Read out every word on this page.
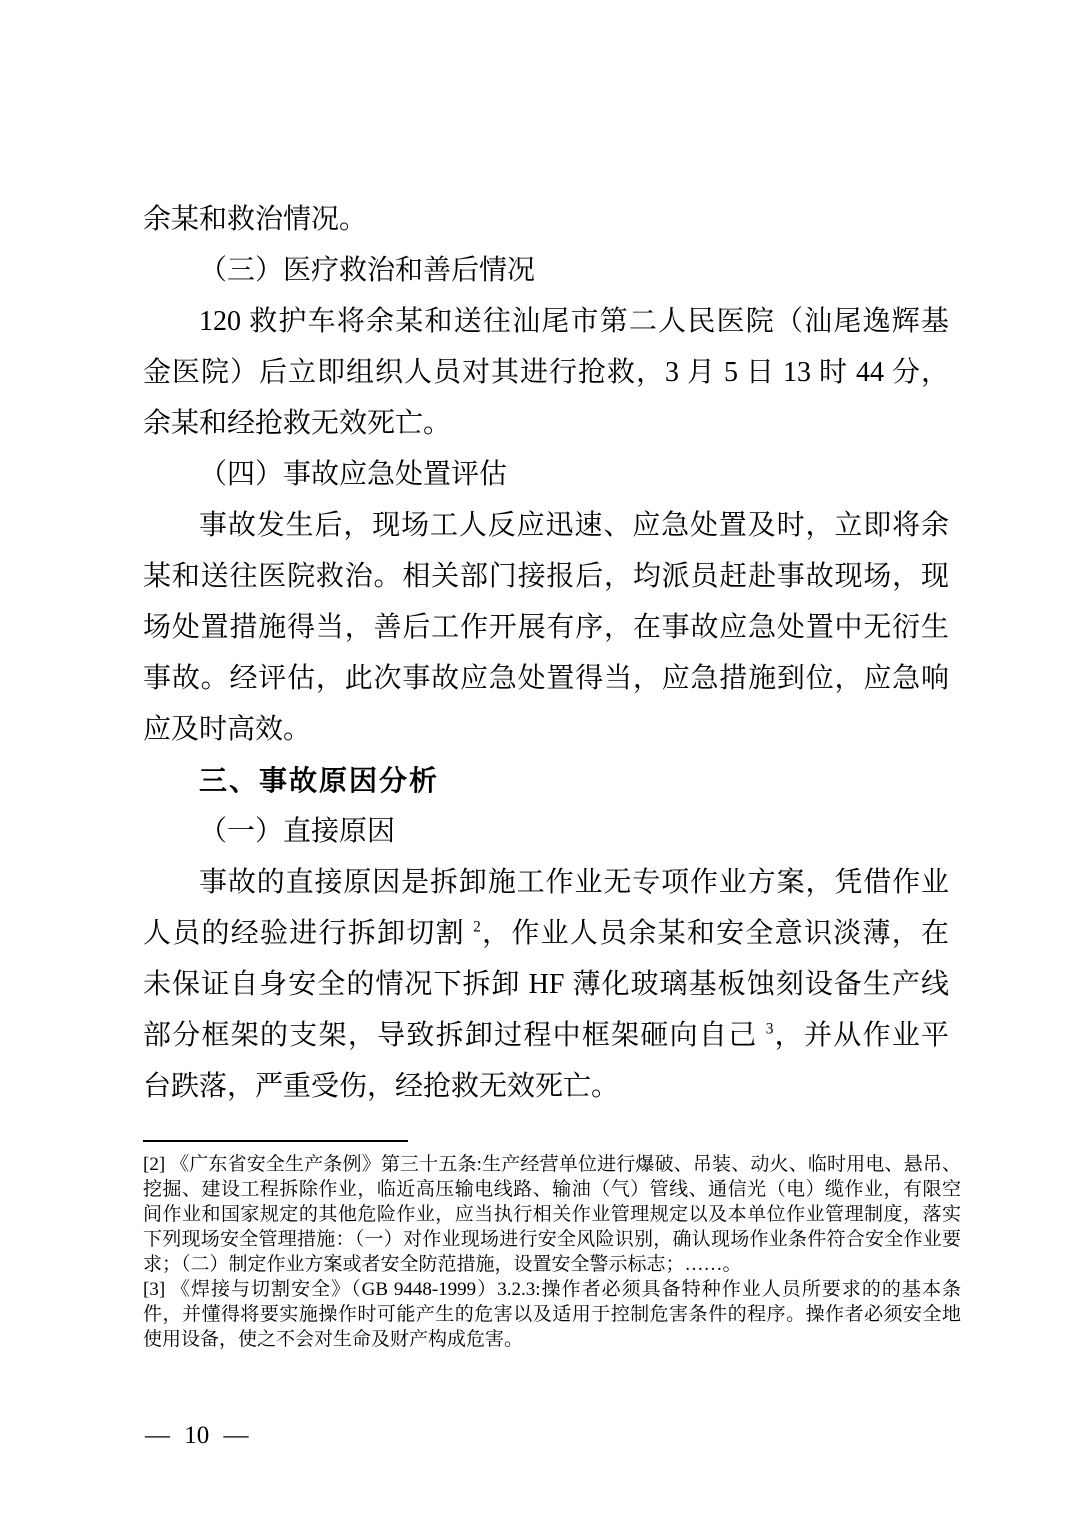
余某和救治情况。
（三）医疗救治和善后情况
120 救护车将余某和送往汕尾市第二人民医院（汕尾逸辉基
金医院）后立即组织人员对其进行抢救，3 月 5 日 13 时 44 分，
余某和经抢救无效死亡。
（四）事故应急处置评估
事故发生后，现场工人反应迅速、应急处置及时，立即将余
某和送往医院救治。相关部门接报后，均派员赶赴事故现场，现
场处置措施得当，善后工作开展有序，在事故应急处置中无衍生
事故。经评估，此次事故应急处置得当，应急措施到位，应急响
应及时高效。
三、事故原因分析
（一）直接原因
事故的直接原因是拆卸施工作业无专项作业方案，凭借作业
人员的经验进行拆卸切割 $^2$，作业人员余某和安全意识淡薄，在
未保证自身安全的情况下拆卸 HF 薄化玻璃基板蚀刻设备生产线
部分框架的支架，导致拆卸过程中框架砸向自己 $^3$，并从作业平
台跌落，严重受伤，经抢救无效死亡。
[2] 《广东省安全生产条例》第三十五条:生产经营单位进行爆破、吊装、动火、临时用电、悬吊、
挖掘、建设工程拆除作业，临近高压输电线路、输油（气）管线、通信光（电）缆作业，有限空
间作业和国家规定的其他危险作业，应当执行相关作业管理规定以及本单位作业管理制度，落实
下列现场安全管理措施：（一）对作业现场进行安全风险识别，确认现场作业条件符合安全作业要
求；（二）制定作业方案或者安全防范措施，设置安全警示标志；……。
[3] 《焊接与切割安全》（GB 9448-1999）3.2.3:操作者必须具备特种作业人员所要求的的基本条
件，并懂得将要实施操作时可能产生的危害以及适用于控制危害条件的程序。操作者必须安全地
使用设备，使之不会对生命及财产构成危害。
— 10 —
